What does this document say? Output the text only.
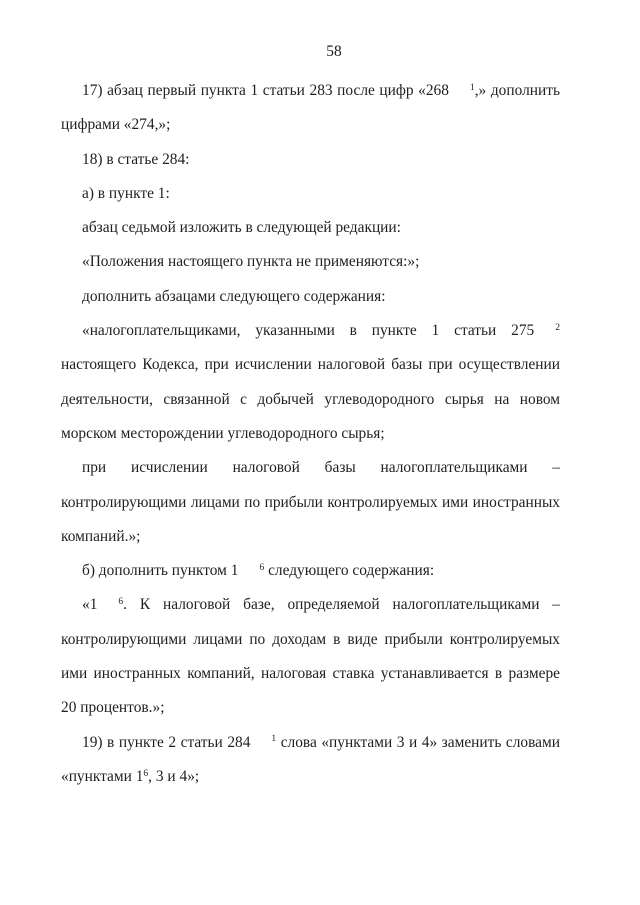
58
17) абзац первый пункта 1 статьи 283 после цифр «268 1,» дополнить
цифрами «274,»;
18) в статье 284:
а) в пункте 1:
абзац седьмой изложить в следующей редакции:
«Положения настоящего пункта не применяются:»;
дополнить абзацами следующего содержания:
«налогоплательщиками, указанными в пункте 1 статьи 275 2
настоящего Кодекса, при исчислении налоговой базы при осуществлении
деятельности, связанной с добычей углеводородного сырья на новом
морском месторождении углеводородного сырья;
при исчислении налоговой базы налогоплательщиками –
контролирующими лицами по прибыли контролируемых ими иностранных
компаний.»;
б) дополнить пунктом 1 6 следующего содержания:
«1 6. К налоговой базе, определяемой налогоплательщиками –
контролирующими лицами по доходам в виде прибыли контролируемых
ими иностранных компаний, налоговая ставка устанавливается в размере
20 процентов.»;
19) в пункте 2 статьи 284 1 слова «пунктами 3 и 4» заменить словами
«пунктами 16, 3 и 4»;
